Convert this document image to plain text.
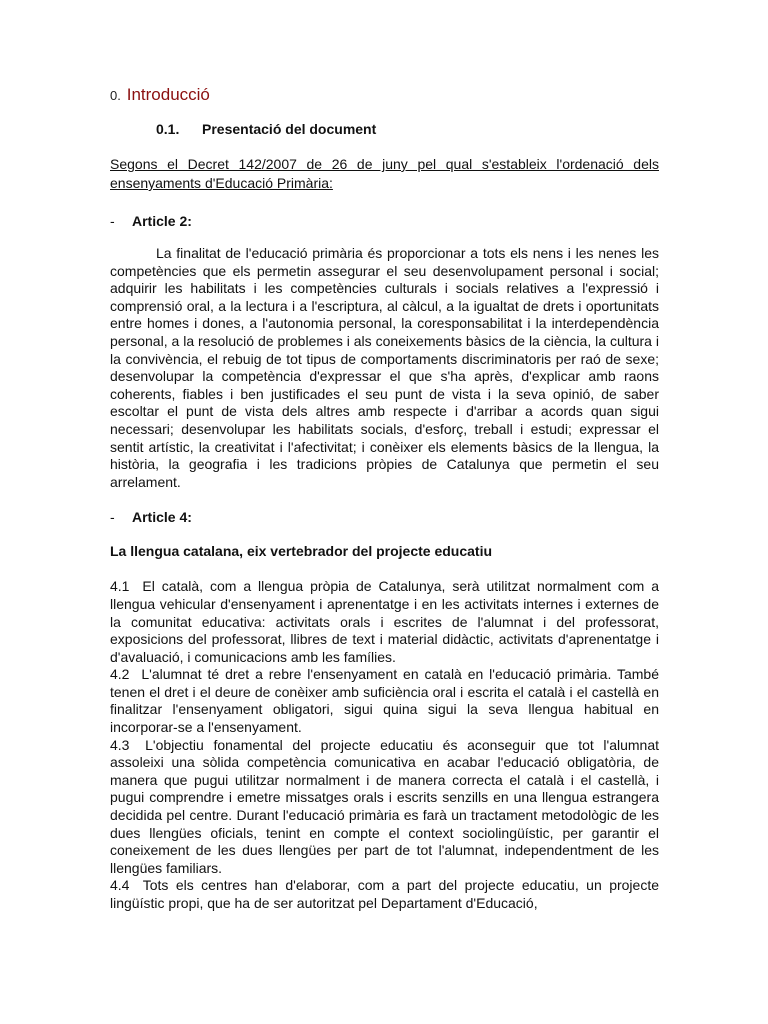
0. Introducció
0.1. Presentació del document

Segons el Decret 142/2007 de 26 de juny pel qual s'estableix l'ordenació dels ensenyaments d'Educació Primària:

- Article 2:

La finalitat de l'educació primària és proporcionar a tots els nens i les nenes les competències que els permetin assegurar el seu desenvolupament personal i social; adquirir les habilitats i les competències culturals i socials relatives a l'expressió i comprensió oral, a la lectura i a l'escriptura, al càlcul, a la igualtat de drets i oportunitats entre homes i dones, a l'autonomia personal, la coresponsabilitat i la interdependència personal, a la resolució de problemes i als coneixements bàsics de la ciència, la cultura i la convivència, el rebuig de tot tipus de comportaments discriminatoris per raó de sexe; desenvolupar la competència d'expressar el que s'ha après, d'explicar amb raons coherents, fiables i ben justificades el seu punt de vista i la seva opinió, de saber escoltar el punt de vista dels altres amb respecte i d'arribar a acords quan sigui necessari; desenvolupar les habilitats socials, d'esforç, treball i estudi; expressar el sentit artístic, la creativitat i l'afectivitat; i conèixer els elements bàsics de la llengua, la història, la geografia i les tradicions pròpies de Catalunya que permetin el seu arrelament.

- Article 4:
La llengua catalana, eix vertebrador del projecte educatiu

4.1 El català, com a llengua pròpia de Catalunya, serà utilitzat normalment com a llengua vehicular d'ensenyament i aprenentatge i en les activitats internes i externes de la comunitat educativa: activitats orals i escrites de l'alumnat i del professorat, exposicions del professorat, llibres de text i material didàctic, activitats d'aprenentatge i d'avaluació, i comunicacions amb les famílies.

4.2 L'alumnat té dret a rebre l'ensenyament en català en l'educació primària. També tenen el dret i el deure de conèixer amb suficiència oral i escrita el català i el castellà en finalitzar l'ensenyament obligatori, sigui quina sigui la seva llengua habitual en incorporar-se a l'ensenyament.

4.3 L'objectiu fonamental del projecte educatiu és aconseguir que tot l'alumnat assoleixi una sòlida competència comunicativa en acabar l'educació obligatòria, de manera que pugui utilitzar normalment i de manera correcta el català i el castellà, i pugui comprendre i emetre missatges orals i escrits senzills en una llengua estrangera decidida pel centre. Durant l'educació primària es farà un tractament metodològic de les dues llengües oficials, tenint en compte el context sociolingüístic, per garantir el coneixement de les dues llengües per part de tot l'alumnat, independentment de les llengües familiars.

4.4 Tots els centres han d'elaborar, com a part del projecte educatiu, un projecte lingüístic propi, que ha de ser autoritzat pel Departament d'Educació,
